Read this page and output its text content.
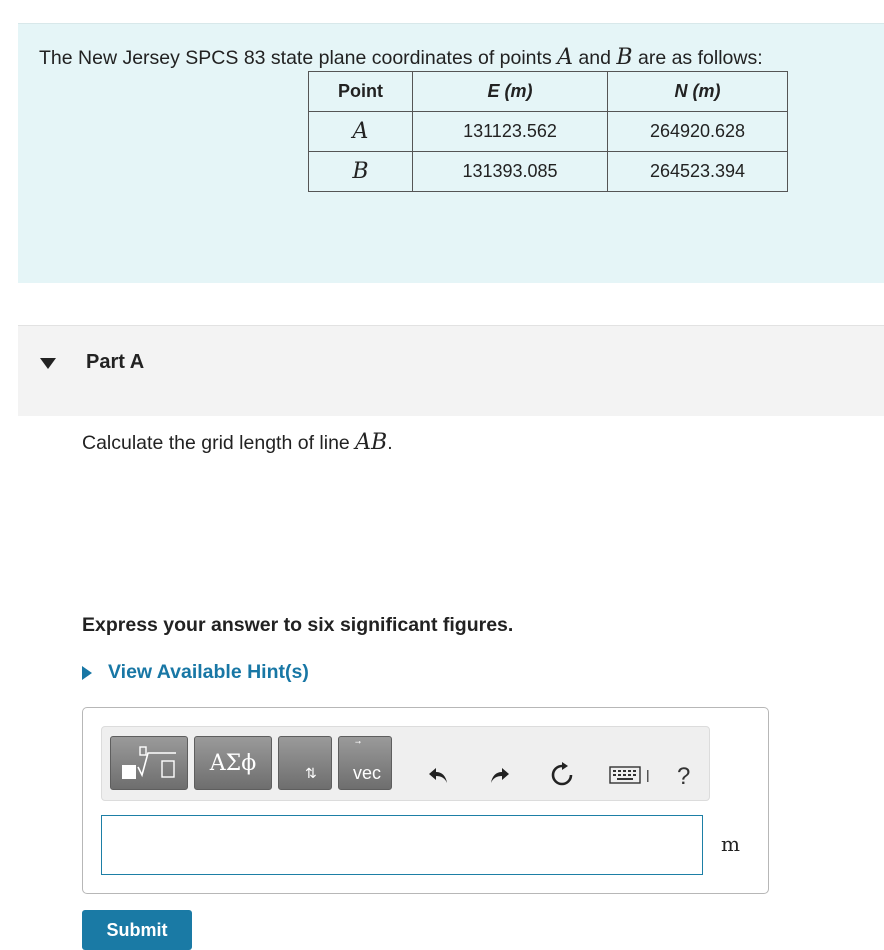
The New Jersey SPCS 83 state plane coordinates of points A and B are as follows:
Point	E (m)	N (m)
A	131123.562	264920.628
B	131393.085	264523.394
Part A
Calculate the grid length of line AB.
Express your answer to six significant figures.
View Available Hint(s)
ΑΣϕ	⇅ vec	?
m
Submit
